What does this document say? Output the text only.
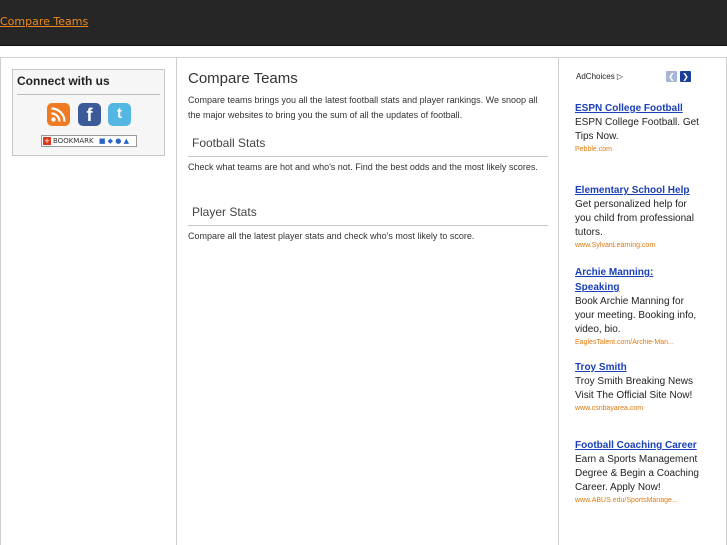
Compare Teams
Connect with us
f	t
+ BOOKMARK ■ ◆ ● ▲
Compare Teams
Compare teams brings you all the latest football stats and player rankings. We snoop all the major websites to bring you the sum of all the updates of football.
Football Stats
Check what teams are hot and who's not. Find the best odds and the most likely scores.
Player Stats
Compare all the latest player stats and check who's most likely to score.
AdChoices ▷	❮ ❯
ESPN College Football
ESPN College Football. Get Tips Now.
Pebble.com
Elementary School Help
Get personalized help for you child from professional tutors.
www.SylvanLearning.com
Archie Manning: Speaking
Book Archie Manning for your meeting. Booking info, video, bio.
EaglesTalent.com/Archie-Man...
Troy Smith
Troy Smith Breaking News Visit The Official Site Now!
www.csnbayarea.com
Football Coaching Career
Earn a Sports Management Degree & Begin a Coaching Career. Apply Now!
www.ABUS.edu/SportsManage...
